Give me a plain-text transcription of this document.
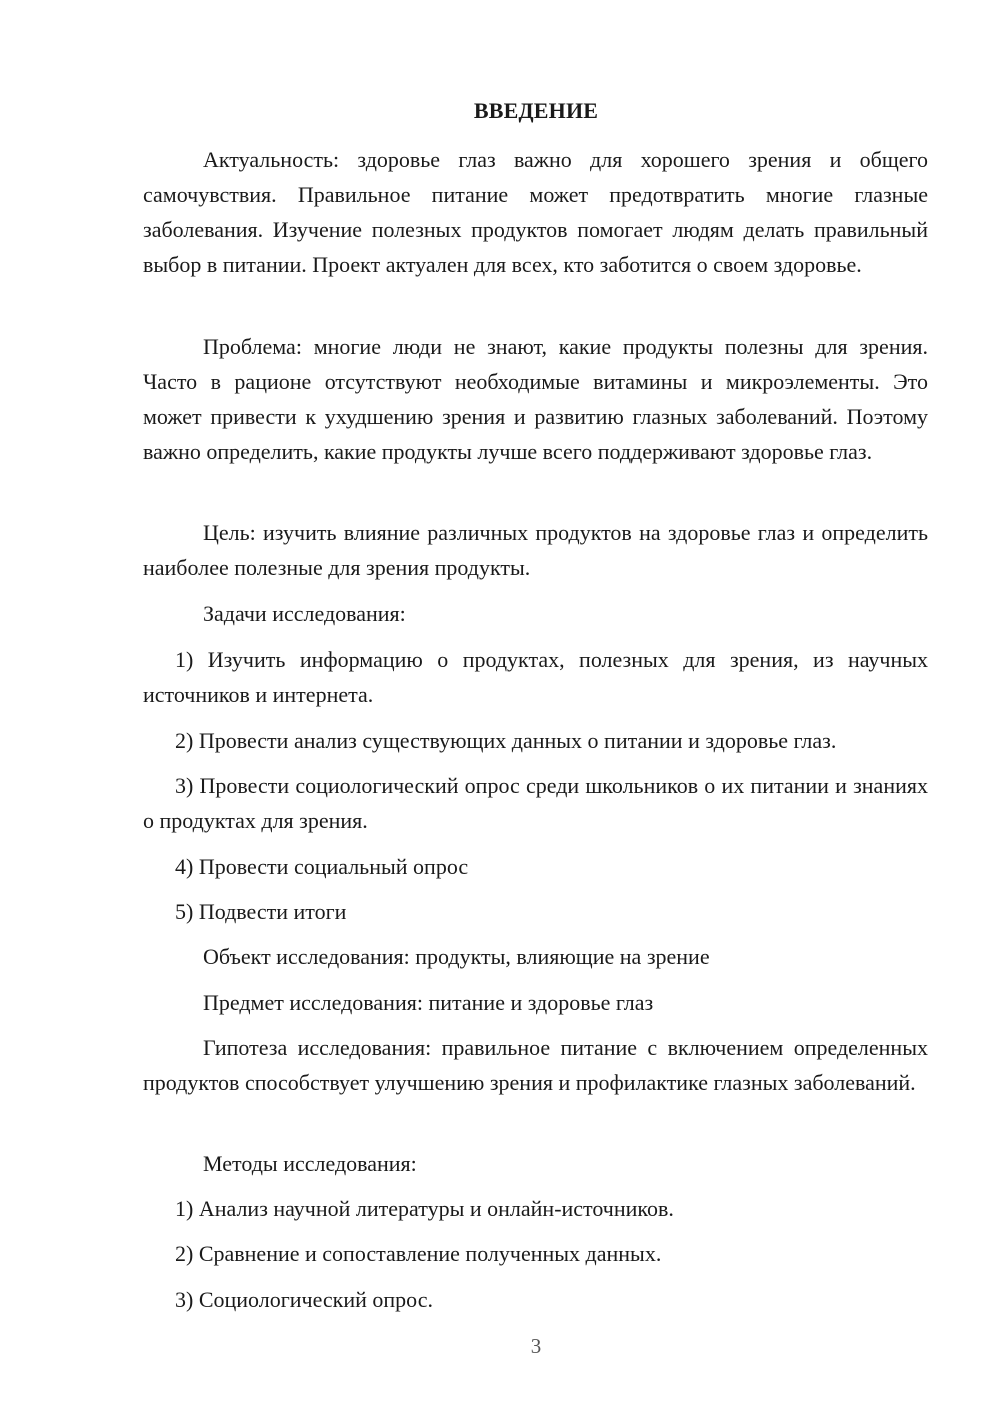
ВВЕДЕНИЕ

Актуальность: здоровье глаз важно для хорошего зрения и общего самочувствия. Правильное питание может предотвратить многие глазные заболевания. Изучение полезных продуктов помогает людям делать правильный выбор в питании. Проект актуален для всех, кто заботится о своем здоровье.

Проблема: многие люди не знают, какие продукты полезны для зрения. Часто в рационе отсутствуют необходимые витамины и микроэлементы. Это может привести к ухудшению зрения и развитию глазных заболеваний. Поэтому важно определить, какие продукты лучше всего поддерживают здоровье глаз.

Цель: изучить влияние различных продуктов на здоровье глаз и определить наиболее полезные для зрения продукты.

Задачи исследования:

1) Изучить информацию о продуктах, полезных для зрения, из научных источников и интернета.

2) Провести анализ существующих данных о питании и здоровье глаз.

3) Провести социологический опрос среди школьников о их питании и знаниях о продуктах для зрения.

4) Провести социальный опрос

5) Подвести итоги

Объект исследования: продукты, влияющие на зрение

Предмет исследования: питание и здоровье глаз

Гипотеза исследования: правильное питание с включением определенных продуктов способствует улучшению зрения и профилактике глазных заболеваний.

Методы исследования:

1) Анализ научной литературы и онлайн-источников.

2) Сравнение и сопоставление полученных данных.

3) Социологический опрос.

3
